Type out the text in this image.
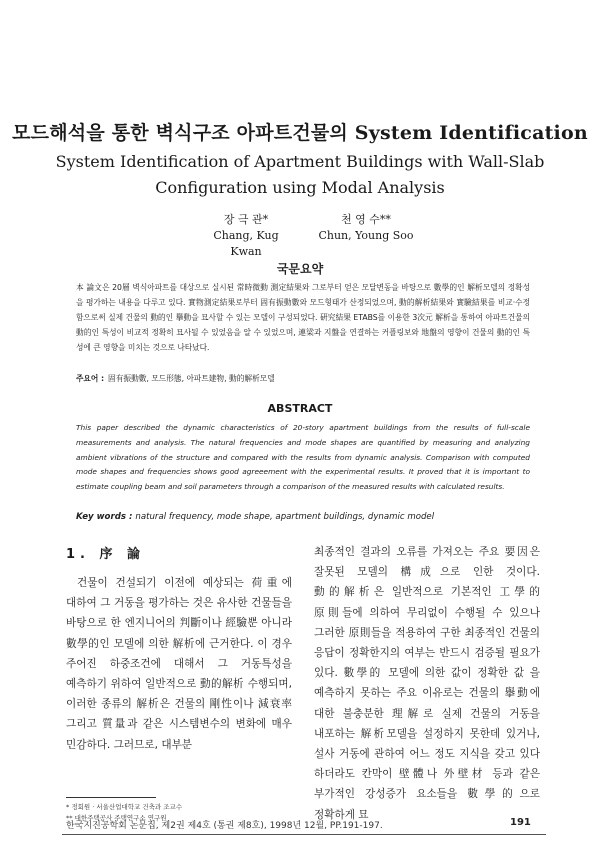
모드해석을 통한 벽식구조 아파트건물의 System Identification
System Identification of Apartment Buildings with Wall-Slab
Configuration using Modal Analysis
장 극 관*
Chang, Kug Kwan
천 영 수**
Chun, Young Soo
국문요약
本 論文은 20層 벽식아파트를 대상으로 실시된 常時微動 測定結果와 그로부터 얻은 모달변동을 바탕으로 數學的인 解析모델의 정확성을 평가하는 내용을 다루고 있다. 實物測定結果로부터 固有振動數와 모드형태가 산정되었으며, 動的解析結果와 實驗結果를 비교·수정함으로써 실제 건물의 動的인 擧動을 묘사할 수 있는 모델이 구성되었다. 硏究結果 ETABS를 이용한 3次元 解析을 통하여 아파트건물의 動的인 특성이 비교적 정확히 묘사될 수 있었음을 알 수 있었으며, 連梁과 지盤을 연결하는 커플링보와 地盤의 영향이 건물의 動的인 특성에 큰 영향을 미치는 것으로 나타났다.
주요어 : 固有振動數, 모드形態, 아파트建物, 動的解析모델
ABSTRACT
This paper described the dynamic characteristics of 20-story apartment buildings from the results of full-scale measurements and analysis. The natural frequencies and mode shapes are quantified by measuring and analyzing ambient vibrations of the structure and compared with the results from dynamic analysis. Comparison with computed mode shapes and frequencies shows good agreeement with the experimental results. It proved that it is important to estimate coupling beam and soil parameters through a comparison of the measured results with calculated results.
Key words : natural frequency, mode shape, apartment buildings, dynamic model
1. 序 論
건물이 건설되기 이전에 예상되는 荷重에 대하여 그 거동을 평가하는 것은 유사한 건물들을 바탕으로 한 엔지니어의 判斷이나 經驗뿐 아니라 數學的인 모델에 의한 解析에 근거한다. 이 경우 주어진 하중조건에 대해서 그 거동특성을 예측하기 위하여 일반적으로 動的解析 수행되며, 이러한 종류의 解析은 건물의 剛性이나 減衰率 그리고 質量과 같은 시스템변수의 변화에 매우 민감하다. 그러므로, 대부분
최종적인 결과의 오류를 가져오는 주요 要因은 잘못된 모델의 構成으로 인한 것이다. 動的解析은 일반적으로 기본적인 工學的 原則들에 의하여 무리없이 수행될 수 있으나 그러한 原則들을 적용하여 구한 최종적인 건물의 응답이 정확한지의 여부는 반드시 검증될 필요가 있다. 數學的 모델에 의한 값이 정확한 값 을 예측하지 못하는 주요 이유로는 건물의 擧動에 대한 불충분한 理解로 실제 건물의 거동을 내포하는 解析모델을 설정하지 못한데 있거나, 설사 거동에 관하여 어느 정도 지식을 갖고 있다 하더라도 칸막이 壁體나 外壁材 등과 같은 부가적인 강성증가 요소들을 數學的으로 정확하게 묘
* 정회원 · 서울산업대학교 건축과 조교수
** 대한주택공사 주택연구소 연구원
한국지진공학회 논문집, 제2권 제4호 (통권 제8호), 1998년 12월, PP.191-197.	191
